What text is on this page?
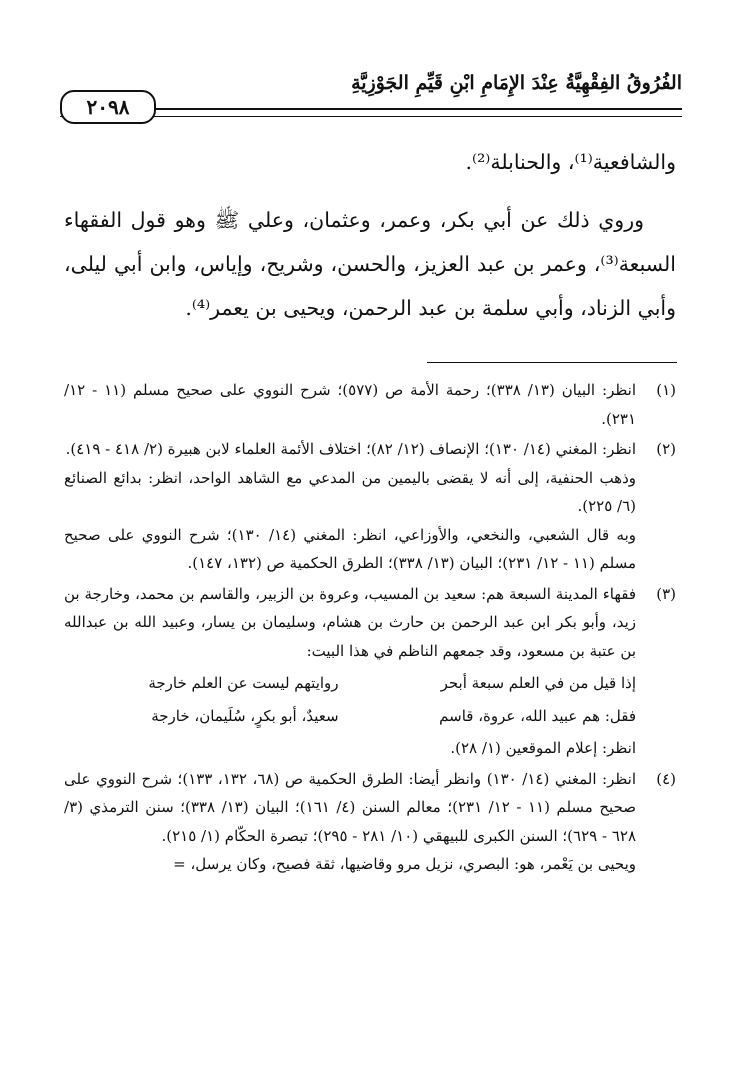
الفُرُوقُ الفِقْهِيَّةُ عِنْدَ الإِمَامِ ابْنِ قَيِّمِ الجَوْزِيَّةِ
٢٠٩٨

والشافعية⁽¹⁾، والحنابلة⁽²⁾.

وروي ذلك عن أبي بكر، وعمر، وعثمان، وعلي ﷺ وهو قول الفقهاء السبعة⁽³⁾، وعمر بن عبد العزيز، والحسن، وشريح، وإياس، وابن أبي ليلى، وأبي الزناد، وأبي سلمة بن عبد الرحمن، ويحيى بن يعمر⁽⁴⁾.

(١)

انظر: البيان (١٣/ ٣٣٨)؛ رحمة الأمة ص (٥٧٧)؛ شرح النووي على صحيح مسلم (١١ - ١٢/ ٢٣١).

(٢)

انظر: المغني (١٤/ ١٣٠)؛ الإنصاف (١٢/ ٨٢)؛ اختلاف الأئمة العلماء لابن هبيرة (٢/ ٤١٨ - ٤١٩).

وذهب الحنفية، إلى أنه لا يقضى باليمين من المدعي مع الشاهد الواحد، انظر: بدائع الصنائع (٦/ ٢٢٥).

وبه قال الشعبي، والنخعي، والأوزاعي، انظر: المغني (١٤/ ١٣٠)؛ شرح النووي على صحيح مسلم (١١ - ١٢/ ٢٣١)؛ البيان (١٣/ ٣٣٨)؛ الطرق الحكمية ص (١٣٢، ١٤٧).

(٣)

فقهاء المدينة السبعة هم: سعيد بن المسيب، وعروة بن الزبير، والقاسم بن محمد، وخارجة بن زيد، وأبو بكر ابن عبد الرحمن بن حارث بن هشام، وسليمان بن يسار، وعبيد الله بن عبدالله بن عتبة بن مسعود، وقد جمعهم الناظم في هذا البيت:

إذا قيل من في العلم سبعة أبحر
روايتهم ليست عن العلم خارجة
فقل: هم عبيد الله، عروة، قاسم
سعيدٌ، أبو بكرٍ، سُلَيمان، خارجة

انظر: إعلام الموقعين (١/ ٢٨).

(٤)

انظر: المغني (١٤/ ١٣٠) وانظر أيضا: الطرق الحكمية ص (٦٨، ١٣٢، ١٣٣)؛ شرح النووي على صحيح مسلم (١١ - ١٢/ ٢٣١)؛ معالم السنن (٤/ ١٦١)؛ البيان (١٣/ ٣٣٨)؛ سنن الترمذي (٣/ ٦٢٨ - ٦٢٩)؛ السنن الكبرى للبيهقي (١٠/ ٢٨١ - ٢٩٥)؛ تبصرة الحكّام (١/ ٢١٥).

ويحيى بن يَعْمر، هو: البصري، نزيل مرو وقاضيها، ثقة فصيح، وكان يرسل، =
